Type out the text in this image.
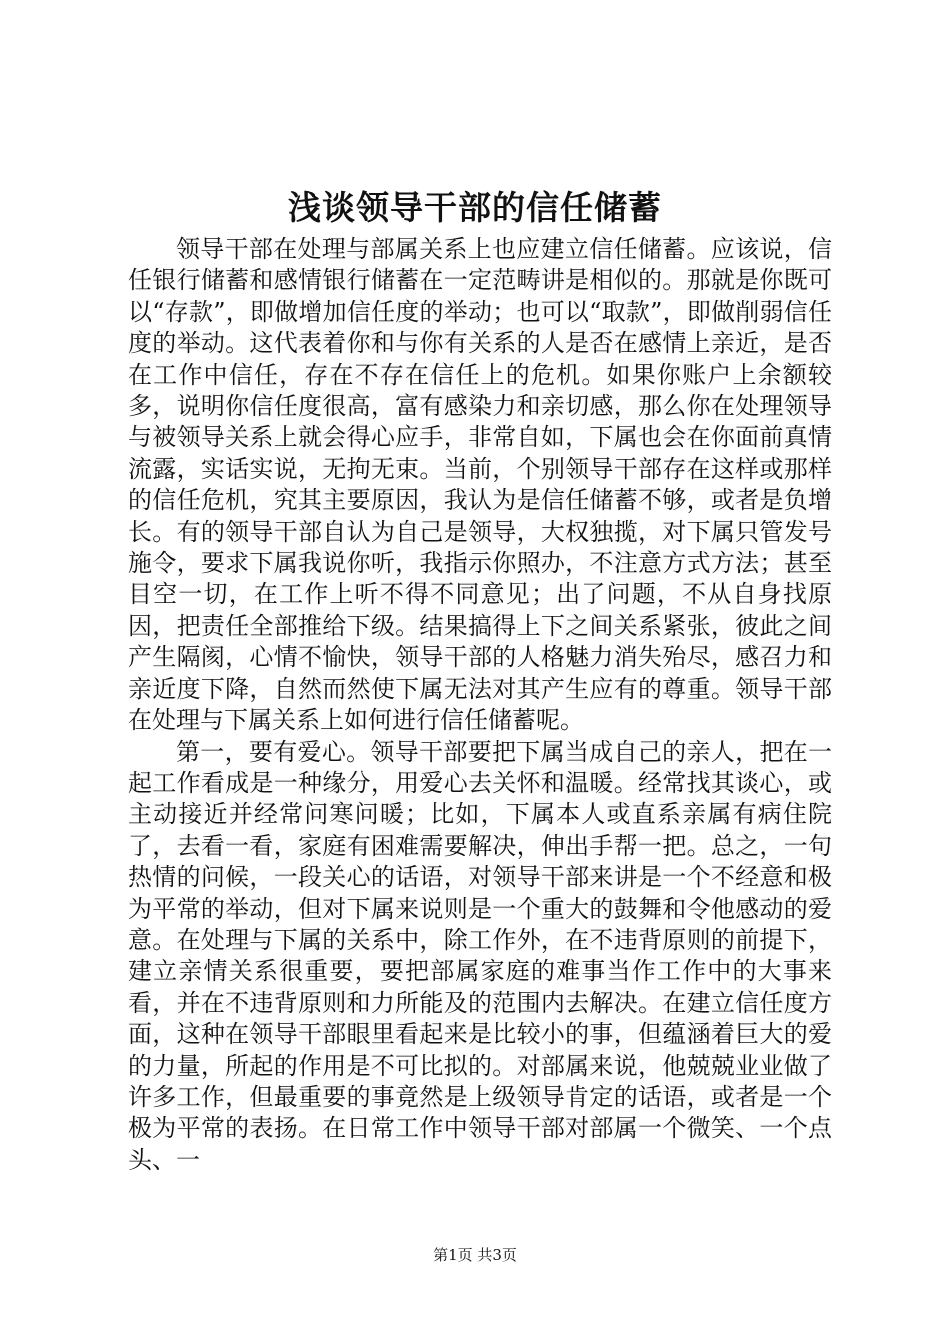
浅谈领导干部的信任储蓄

领导干部在处理与部属关系上也应建立信任储蓄。应该说，信任银行储蓄和感情银行储蓄在一定范畴讲是相似的。那就是你既可以“存款”，即做增加信任度的举动；也可以“取款”，即做削弱信任度的举动。这代表着你和与你有关系的人是否在感情上亲近，是否在工作中信任，存在不存在信任上的危机。如果你账户上余额较多，说明你信任度很高，富有感染力和亲切感，那么你在处理领导与被领导关系上就会得心应手，非常自如，下属也会在你面前真情流露，实话实说，无拘无束。当前，个别领导干部存在这样或那样的信任危机，究其主要原因，我认为是信任储蓄不够，或者是负增长。有的领导干部自认为自己是领导，大权独揽，对下属只管发号施令，要求下属我说你听，我指示你照办，不注意方式方法；甚至目空一切，在工作上听不得不同意见；出了问题，不从自身找原因，把责任全部推给下级。结果搞得上下之间关系紧张，彼此之间产生隔阂，心情不愉快，领导干部的人格魅力消失殆尽，感召力和亲近度下降，自然而然使下属无法对其产生应有的尊重。领导干部在处理与下属关系上如何进行信任储蓄呢。

第一，要有爱心。领导干部要把下属当成自己的亲人，把在一起工作看成是一种缘分，用爱心去关怀和温暖。经常找其谈心，或主动接近并经常问寒问暖；比如，下属本人或直系亲属有病住院了，去看一看，家庭有困难需要解决，伸出手帮一把。总之，一句热情的问候，一段关心的话语，对领导干部来讲是一个不经意和极为平常的举动，但对下属来说则是一个重大的鼓舞和令他感动的爱意。在处理与下属的关系中，除工作外，在不违背原则的前提下，建立亲情关系很重要，要把部属家庭的难事当作工作中的大事来看，并在不违背原则和力所能及的范围内去解决。在建立信任度方面，这种在领导干部眼里看起来是比较小的事，但蕴涵着巨大的爱的力量，所起的作用是不可比拟的。对部属来说，他兢兢业业做了许多工作，但最重要的事竟然是上级领导肯定的话语，或者是一个极为平常的表扬。在日常工作中领导干部对部属一个微笑、一个点头、一

第1页 共3页
